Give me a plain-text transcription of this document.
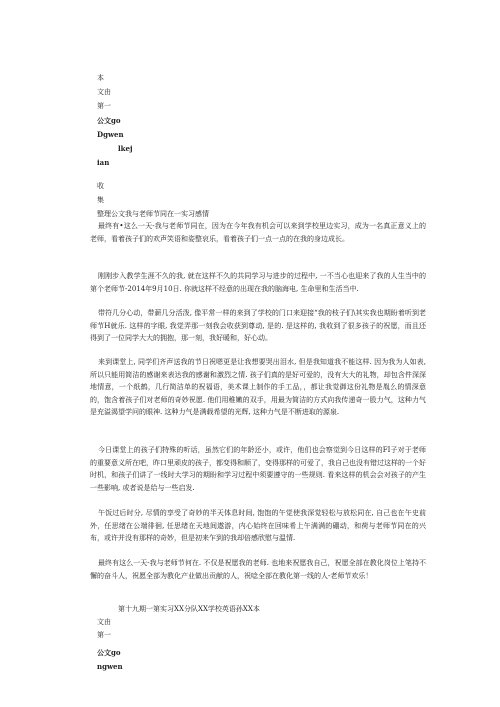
本
文由
第一
公文go
Dgwen
lkej
ian
收
集
整理公文我与老师节同在一实习感情
最终有•这么一天-我与老师节同在，因为在今年我有机会可以来到学校里边实习，成为一名真正意义上的老师，看着孩子们的欢声笑语和姿整哀乐，看着孩子们一点一点的在我的身边成长。
刚刚步入教学生涯不久的我, 就在这样不久的共同学习与进步的过程中, 一不当心也迎来了我的人生当中的第个老师节-2014年9月10日. 你就这样不经意的出现在我的脑海电, 生命里和生活当中.
带符几分心动，带薪几分活泼, 像平常一样的来到了学校的门口来迎接“我的枝子们\其实我也期盼着听到老师节H就乐. 这样的字眼, 我觉弄那一刻我会收获到尊动, 是的. 是这样的, 我收到了很多孩子的祝愿，而且还得到了一位同学大大的拥抱，那一刻，我好暖和，好心动。
来到课堂上, 同学们齐声送我的节日祝嗯更是让我想要哭出泪水, 但是我知道我不能这样. 因为我为人如表, 所以只能用简洁的感谢来表达我的感谢和激烈之情. 孩子们真的是好可爱的，没有大大的礼物，却包含件深深地情意，一个纸鹤，几行简洁单的祝福语，美术课上制作的手工品，，都让我觉御这份礼物是胤么的情深意的，饱含着孩子们对老师的奇妙祝愿. 他们用稚嫩的双手，用最为简洁的方式向我传递奇一股力气，这种力气是充溢渴望学问的眼神. 这种力气是满载希望的光辉, 这种力气是不断进取的源泉.
今日课堂上的孩子们特殊的听话，虽然它们的年龄还小，或许，他们也会察觉到今日这样的FI子对于老师的重要意义所在吧，昨口里顽皮的孩子，都变得和顺了，变得那样的可爱了，我自己也没有错过这样的一个好时机，和孩子们讲了一线时大学习的期盼和学习过程中须要遵守的一些规则. 看来这样的机会会对孩子的产生一些影响, 或者说是给与一些启发.
午饭过后时分, 尽情的享受了奇妙的半天体息时间, 饱饱的午觉使我深觉轻松与放松同在, 自己也在午史前外，任思绪在公端徘徊, 任思绪在天地间遨游，内心始终在回味希上午满满的硼动，和荷与老师节同在的兴布，或许并没有那样的奇妙，但是初来乍到的我却倍感欣慰与温情.
最终有这么一天-我与老师节何在. 不仅是祝愿我的老师. 也地来祝愿我自己，祝愿全部在教化岗位上笔持不懈的奋斗人，祝愿全部为教化产业做出贡献的人，祝唸全部在教化第一线的人-老师节欢乐！
第十九期一第实习XX分队XX学校英语孙XX本
文由
第一
公文go
ngwen
